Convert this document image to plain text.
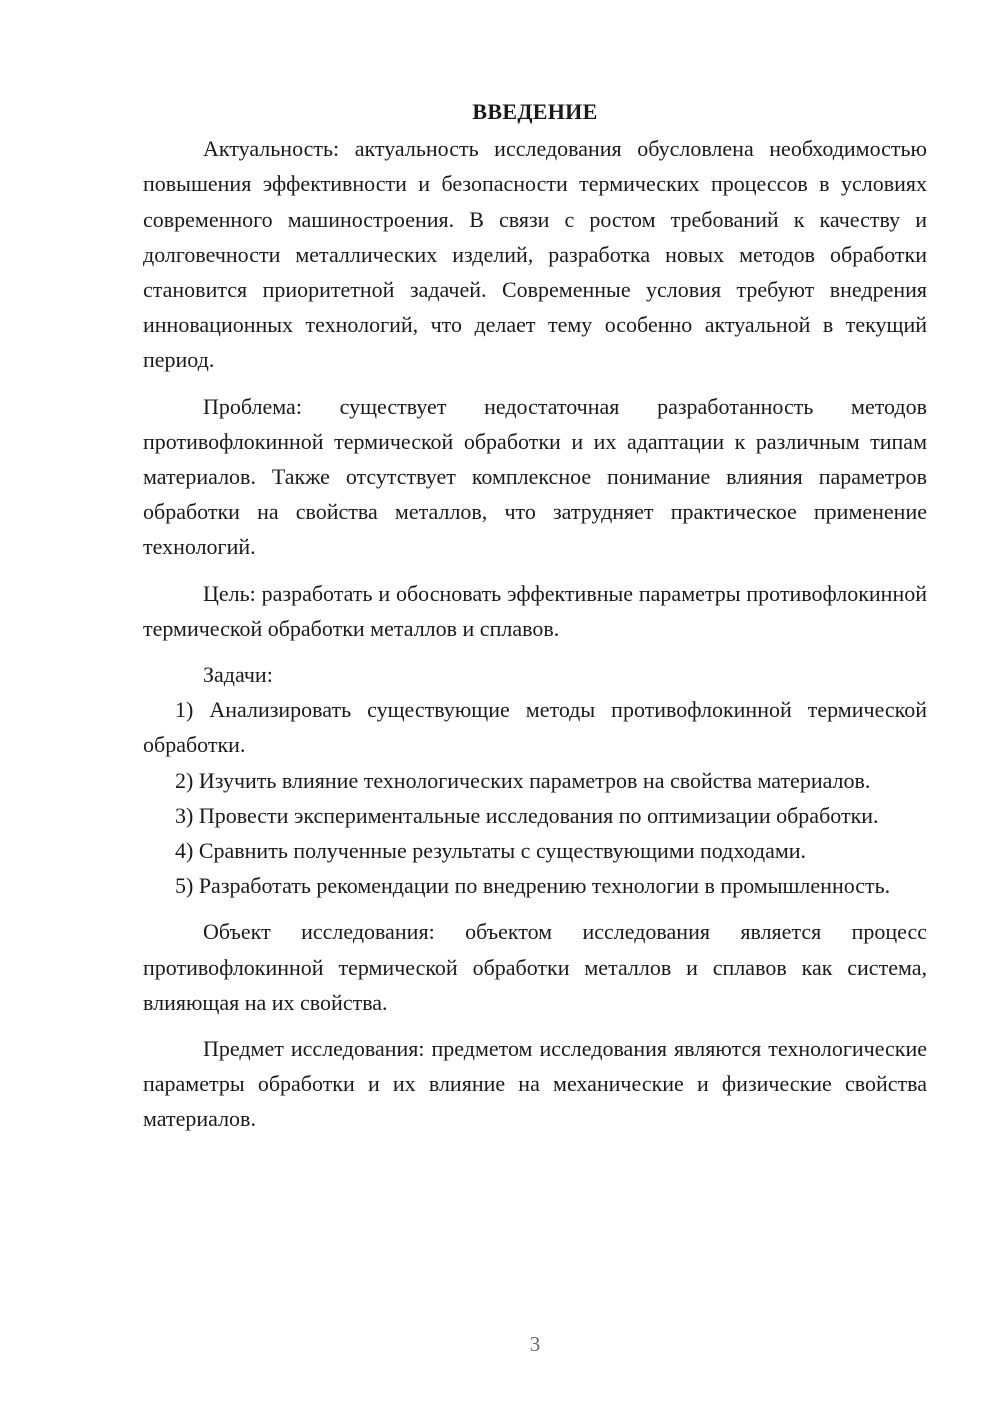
ВВЕДЕНИЕ

Актуальность: актуальность исследования обусловлена необходимостью повышения эффективности и безопасности термических процессов в условиях современного машиностроения. В связи с ростом требований к качеству и долговечности металлических изделий, разработка новых методов обработки становится приоритетной задачей. Современные условия требуют внедрения инновационных технологий, что делает тему особенно актуальной в текущий период.

Проблема: существует недостаточная разработанность методов противофлокинной термической обработки и их адаптации к различным типам материалов. Также отсутствует комплексное понимание влияния параметров обработки на свойства металлов, что затрудняет практическое применение технологий.

Цель: разработать и обосновать эффективные параметры противофлокинной термической обработки металлов и сплавов.

Задачи:

1) Анализировать существующие методы противофлокинной термической обработки.

2) Изучить влияние технологических параметров на свойства материалов.

3) Провести экспериментальные исследования по оптимизации обработки.

4) Сравнить полученные результаты с существующими подходами.

5) Разработать рекомендации по внедрению технологии в промышленность.

Объект исследования: объектом исследования является процесс противофлокинной термической обработки металлов и сплавов как система, влияющая на их свойства.

Предмет исследования: предметом исследования являются технологические параметры обработки и их влияние на механические и физические свойства материалов.

3
